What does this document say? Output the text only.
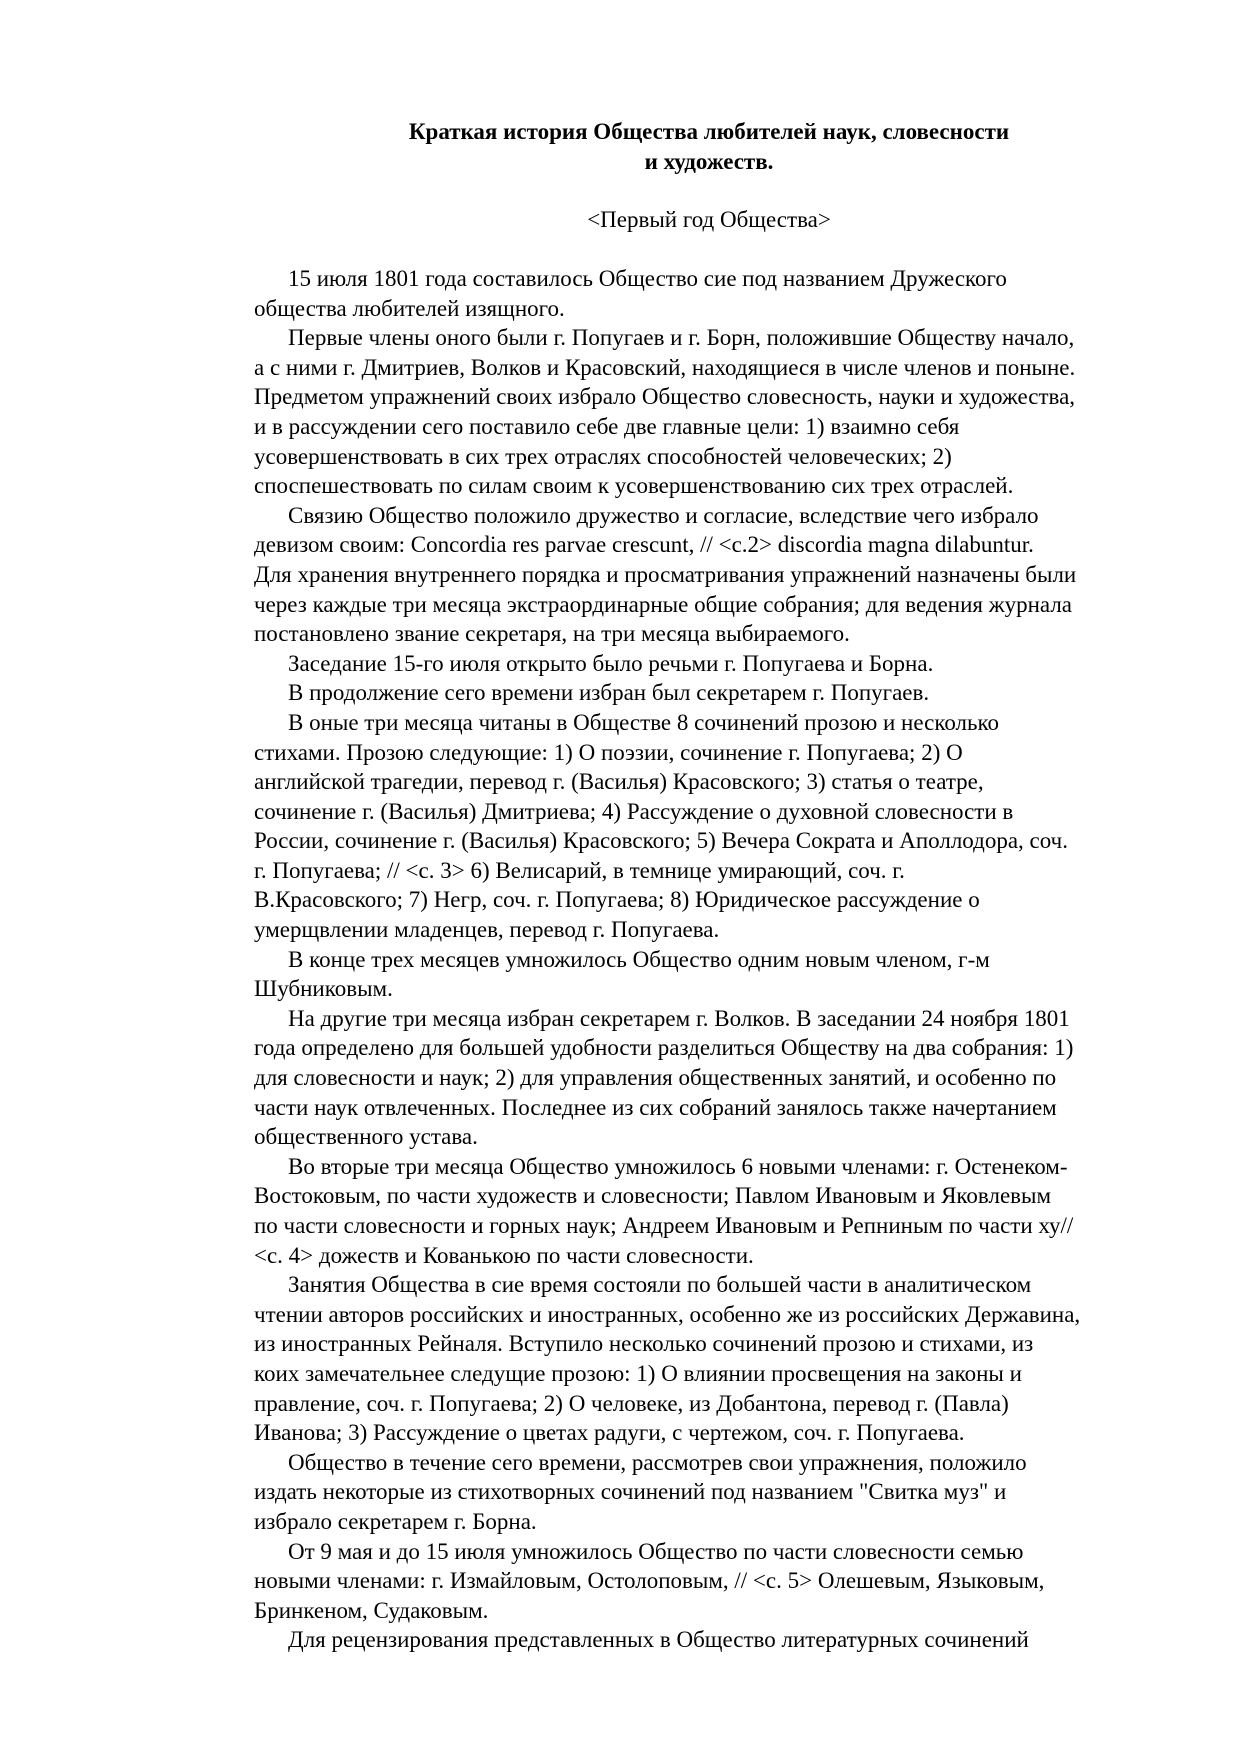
Краткая история Общества любителей наук, словесности
и художеств.
<Первый год Общества>
15 июля 1801 года составилось Общество сие под названием Дружеского
общества любителей изящного.
Первые члены оного были г. Попугаев и г. Борн, положившие Обществу начало,
а с ними г. Дмитриев, Волков и Красовский, находящиеся в числе членов и поныне.
Предметом упражнений своих избрало Общество словесность, науки и художества,
и в рассуждении сего поставило себе две главные цели: 1) взаимно себя
усовершенствовать в сих трех отраслях способностей человеческих; 2)
споспешествовать по силам своим к усовершенствованию сих трех отраслей.
Связию Общество положило дружество и согласие, вследствие чего избрало
девизом своим: Concordia res parvae crescunt, // <c.2> discordia magna dilabuntur.
Для хранения внутреннего порядка и просматривания упражнений назначены были
через каждые три месяца экстраординарные общие собрания; для ведения журнала
постановлено звание секретаря, на три месяца выбираемого.
Заседание 15-го июля открыто было речьми г. Попугаева и Борна.
В продолжение сего времени избран был секретарем г. Попугаев.
В оные три месяца читаны в Обществе 8 сочинений прозою и несколько
стихами. Прозою следующие: 1) О поэзии, сочинение г. Попугаева; 2) О
английской трагедии, перевод г. (Василья) Красовского; 3) статья о театре,
сочинение г. (Василья) Дмитриева; 4) Рассуждение о духовной словесности в
России, сочинение г. (Василья) Красовского; 5) Вечера Сократа и Аполлодора, соч.
г. Попугаева; // <с. 3> 6) Велисарий, в темнице умирающий, соч. г.
В.Красовского; 7) Негр, соч. г. Попугаева; 8) Юридическое рассуждение о
умерщвлении младенцев, перевод г. Попугаева.
В конце трех месяцев умножилось Общество одним новым членом, г-м
Шубниковым.
На другие три месяца избран секретарем г. Волков. В заседании 24 ноября 1801
года определено для большей удобности разделиться Обществу на два собрания: 1)
для словесности и наук; 2) для управления общественных занятий, и особенно по
части наук отвлеченных. Последнее из сих собраний занялось также начертанием
общественного устава.
Во вторые три месяца Общество умножилось 6 новыми членами: г. Остенеком-
Востоковым, по части художеств и словесности; Павлом Ивановым и Яковлевым
по части словесности и горных наук; Андреем Ивановым и Репниным по части ху//
<с. 4> дожеств и Кованькою по части словесности.
Занятия Общества в сие время состояли по большей части в аналитическом
чтении авторов российских и иностранных, особенно же из российских Державина,
из иностранных Рейналя. Вступило несколько сочинений прозою и стихами, из
коих замечательнее следущие прозою: 1) О влиянии просвещения на законы и
правление, соч. г. Попугаева; 2) О человеке, из Добантона, перевод г. (Павла)
Иванова; 3) Рассуждение о цветах радуги, с чертежом, соч. г. Попугаева.
Общество в течение сего времени, рассмотрев свои упражнения, положило
издать некоторые из стихотворных сочинений под названием "Свитка муз" и
избрало секретарем г. Борна.
От 9 мая и до 15 июля умножилось Общество по части словесности семью
новыми членами: г. Измайловым, Остолоповым, // <с. 5> Олешевым, Языковым,
Бринкеном, Судаковым.
Для рецензирования представленных в Общество литературных сочинений
